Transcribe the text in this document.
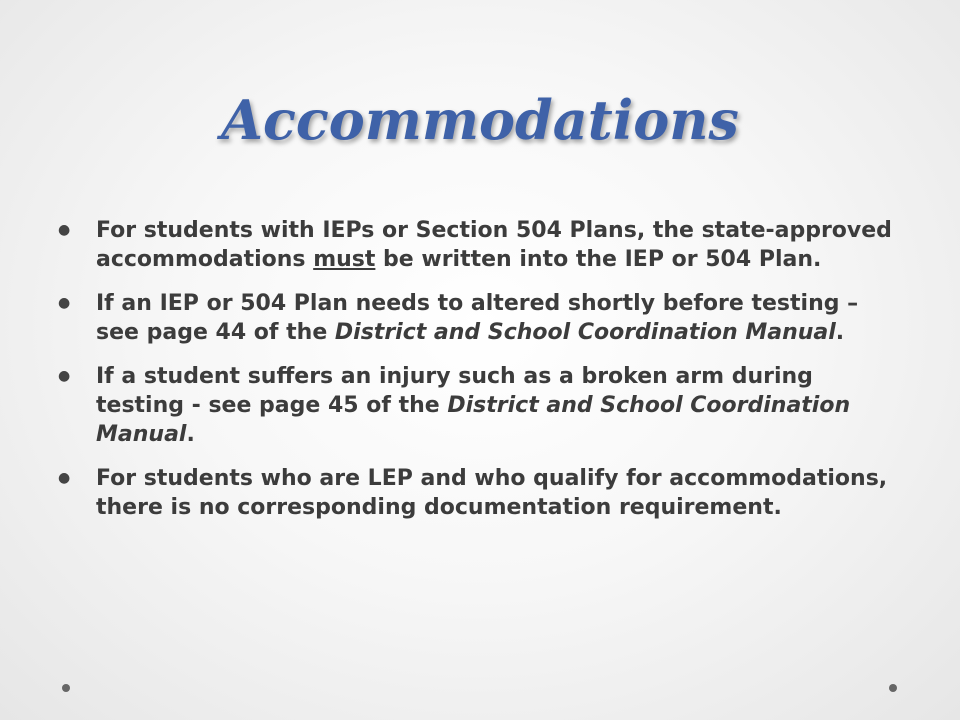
Accommodations
● For students with IEPs or Section 504 Plans, the state-approved accommodations must be written into the IEP or 504 Plan.
● If an IEP or 504 Plan needs to altered shortly before testing – see page 44 of the District and School Coordination Manual.
● If a student suffers an injury such as a broken arm during testing - see page 45 of the District and School Coordination Manual.
● For students who are LEP and who qualify for accommodations, there is no corresponding documentation requirement.
